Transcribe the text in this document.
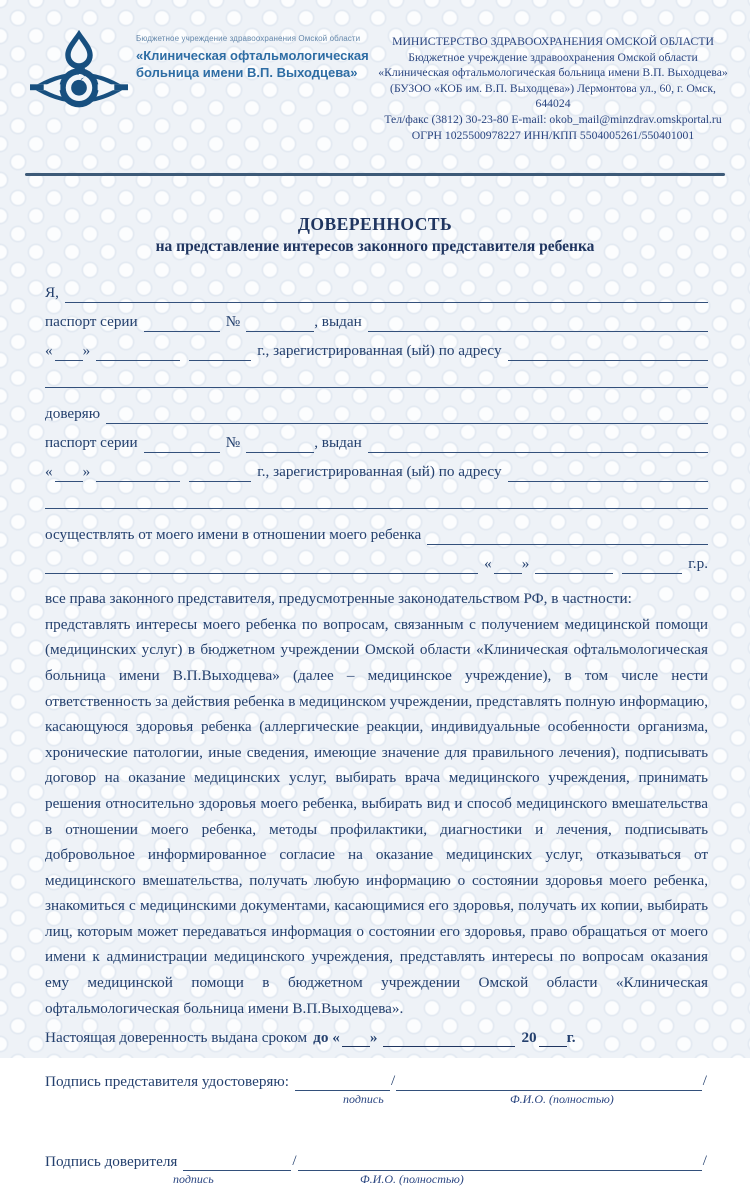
Бюджетное учреждение здравоохранения Омской области
«Клиническая офтальмологическая
больница имени В.П. Выходцева»
МИНИСТЕРСТВО ЗДРАВООХРАНЕНИЯ ОМСКОЙ ОБЛАСТИ
Бюджетное учреждение здравоохранения Омской области
«Клиническая офтальмологическая больница имени В.П. Выходцева»
(БУЗОО «КОБ им. В.П. Выходцева») Лермонтова ул., 60, г. Омск, 644024
Тел/факс (3812) 30-23-80 E-mail: okob_mail@minzdrav.omskportal.ru
ОГРН 1025500978227 ИНН/КПП 5504005261/550401001
ДОВЕРЕННОСТЬ
на представление интересов законного представителя ребенка
Я,
паспорт серии	№	, выдан
« »	г., зарегистрированная (ый) по адресу
доверяю
паспорт серии	№	, выдан
« »	г., зарегистрированная (ый) по адресу
осуществлять от моего имени в отношении моего ребенка
« »	г.р.

все права законного представителя, предусмотренные законодательством РФ, в частности:

представлять интересы моего ребенка по вопросам, связанным с получением медицинской помощи (медицинских услуг) в бюджетном учреждении Омской области «Клиническая офтальмологическая больница имени В.П.Выходцева» (далее – медицинское учреждение), в том числе нести ответственность за действия ребенка в медицинском учреждении, представлять полную информацию, касающуюся здоровья ребенка (аллергические реакции, индивидуальные особенности организма, хронические патологии, иные сведения, имеющие значение для правильного лечения), подписывать договор на оказание медицинских услуг, выбирать врача медицинского учреждения, принимать решения относительно здоровья моего ребенка, выбирать вид и способ медицинского вмешательства в отношении моего ребенка, методы профилактики, диагностики и лечения, подписывать добровольное информированное согласие на оказание медицинских услуг, отказываться от медицинского вмешательства, получать любую информацию о состоянии здоровья моего ребенка, знакомиться с медицинскими документами, касающимися его здоровья, получать их копии, выбирать лиц, которым может передаваться информация о состоянии его здоровья, право обращаться от моего имени к администрации медицинского учреждения, представлять интересы по вопросам оказания ему медицинской помощи в бюджетном учреждении Омской области «Клиническая офтальмологическая больница имени В.П.Выходцева».

Настоящая доверенность выдана сроком до « »	20 г.
Подпись представителя удостоверяю:	/	/
подпись	Ф.И.О. (полностью)
Подпись доверителя	/	/
подпись	Ф.И.О. (полностью)
